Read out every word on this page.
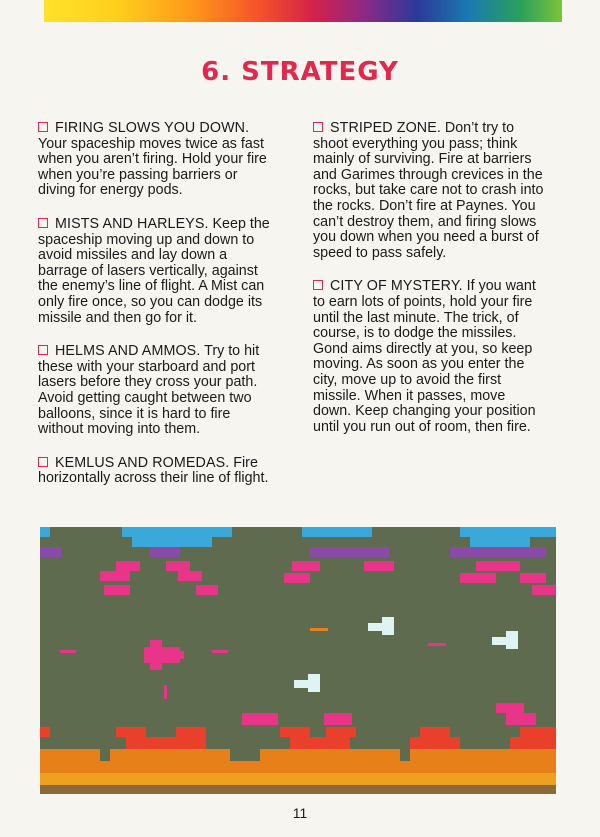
6. STRATEGY

FIRING SLOWS YOU DOWN. Your spaceship moves twice as fast when you aren’t firing. Hold your fire when you’re passing barriers or diving for energy pods.

MISTS AND HARLEYS. Keep the spaceship moving up and down to avoid missiles and lay down a barrage of lasers vertically, against the enemy’s line of flight. A Mist can only fire once, so you can dodge its missile and then go for it.

HELMS AND AMMOS. Try to hit these with your starboard and port lasers before they cross your path. Avoid getting caught between two balloons, since it is hard to fire without moving into them.

KEMLUS AND ROMEDAS. Fire horizontally across their line of flight.

STRIPED ZONE. Don’t try to shoot everything you pass; think mainly of surviving. Fire at barriers and Garimes through crevices in the rocks, but take care not to crash into the rocks. Don’t fire at Paynes. You can’t destroy them, and firing slows you down when you need a burst of speed to pass safely.

CITY OF MYSTERY. If you want to earn lots of points, hold your fire until the last minute. The trick, of course, is to dodge the missiles. Gond aims directly at you, so keep moving. As soon as you enter the city, move up to avoid the first missile. When it passes, move down. Keep changing your position until you run out of room, then fire.

11
